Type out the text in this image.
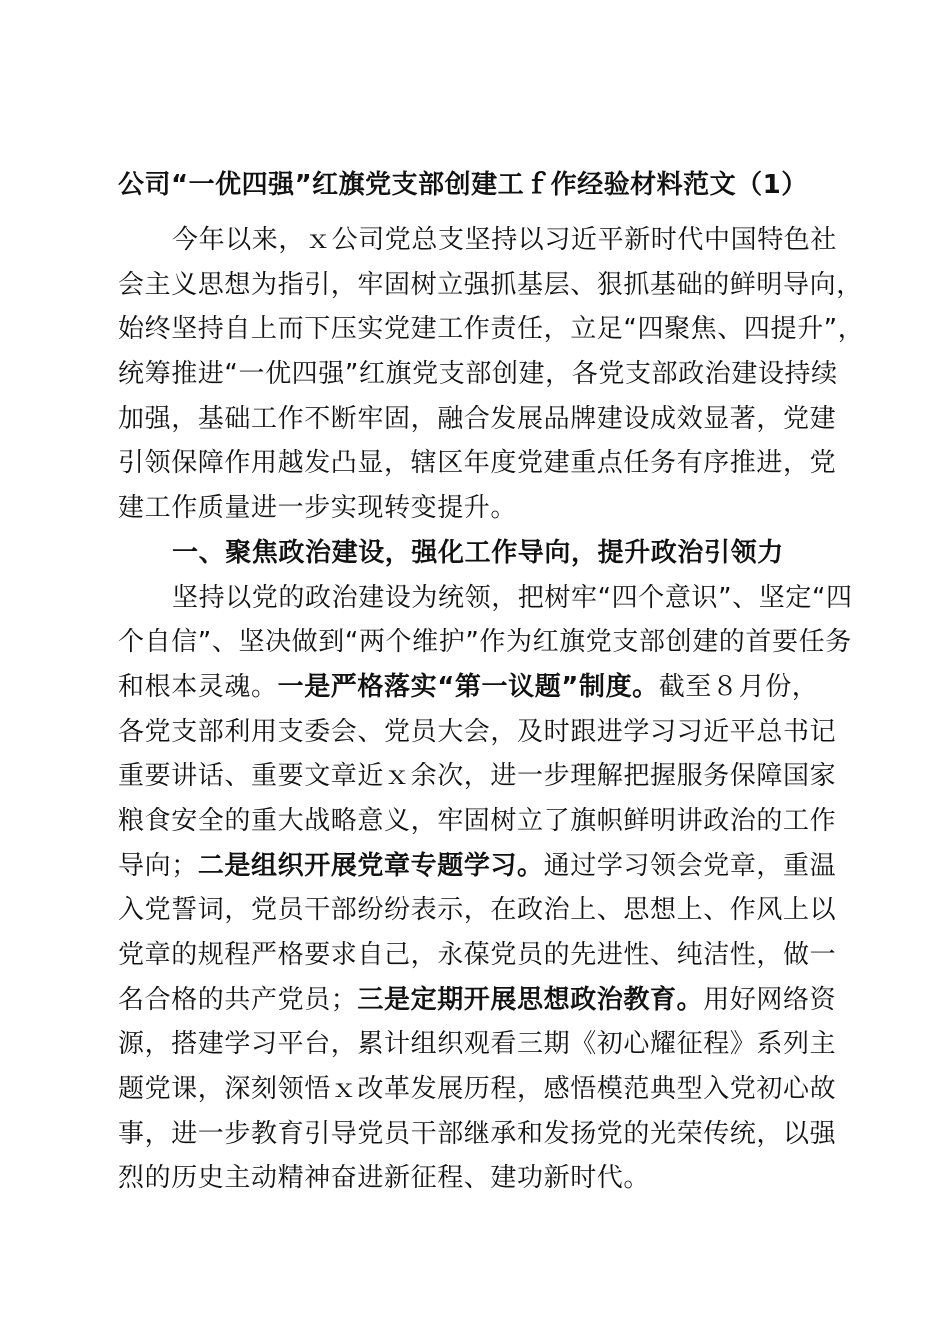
公司“一优四强”红旗党支部创建工ｆ作经验材料范文（1）
今年以来，ｘ公司党总支坚持以习近平新时代中国特色社
会主义思想为指引，牢固树立强抓基层、狠抓基础的鲜明导向，
始终坚持自上而下压实党建工作责任，立足“四聚焦、四提升”，
统筹推进“一优四强”红旗党支部创建，各党支部政治建设持续
加强，基础工作不断牢固，融合发展品牌建设成效显著，党建
引领保障作用越发凸显，辖区年度党建重点任务有序推进，党
建工作质量进一步实现转变提升。
一、聚焦政治建设，强化工作导向，提升政治引领力
坚持以党的政治建设为统领，把树牢“四个意识”、坚定“四
个自信”、坚决做到“两个维护”作为红旗党支部创建的首要任务
和根本灵魂。一是严格落实“第一议题”制度。截至８月份，
各党支部利用支委会、党员大会，及时跟进学习习近平总书记
重要讲话、重要文章近ｘ余次，进一步理解把握服务保障国家
粮食安全的重大战略意义，牢固树立了旗帜鲜明讲政治的工作
导向；二是组织开展党章专题学习。通过学习领会党章，重温
入党誓词，党员干部纷纷表示，在政治上、思想上、作风上以
党章的规程严格要求自己，永葆党员的先进性、纯洁性，做一
名合格的共产党员；三是定期开展思想政治教育。用好网络资
源，搭建学习平台，累计组织观看三期《初心耀征程》系列主
题党课，深刻领悟ｘ改革发展历程，感悟模范典型入党初心故
事，进一步教育引导党员干部继承和发扬党的光荣传统，以强
烈的历史主动精神奋进新征程、建功新时代。
